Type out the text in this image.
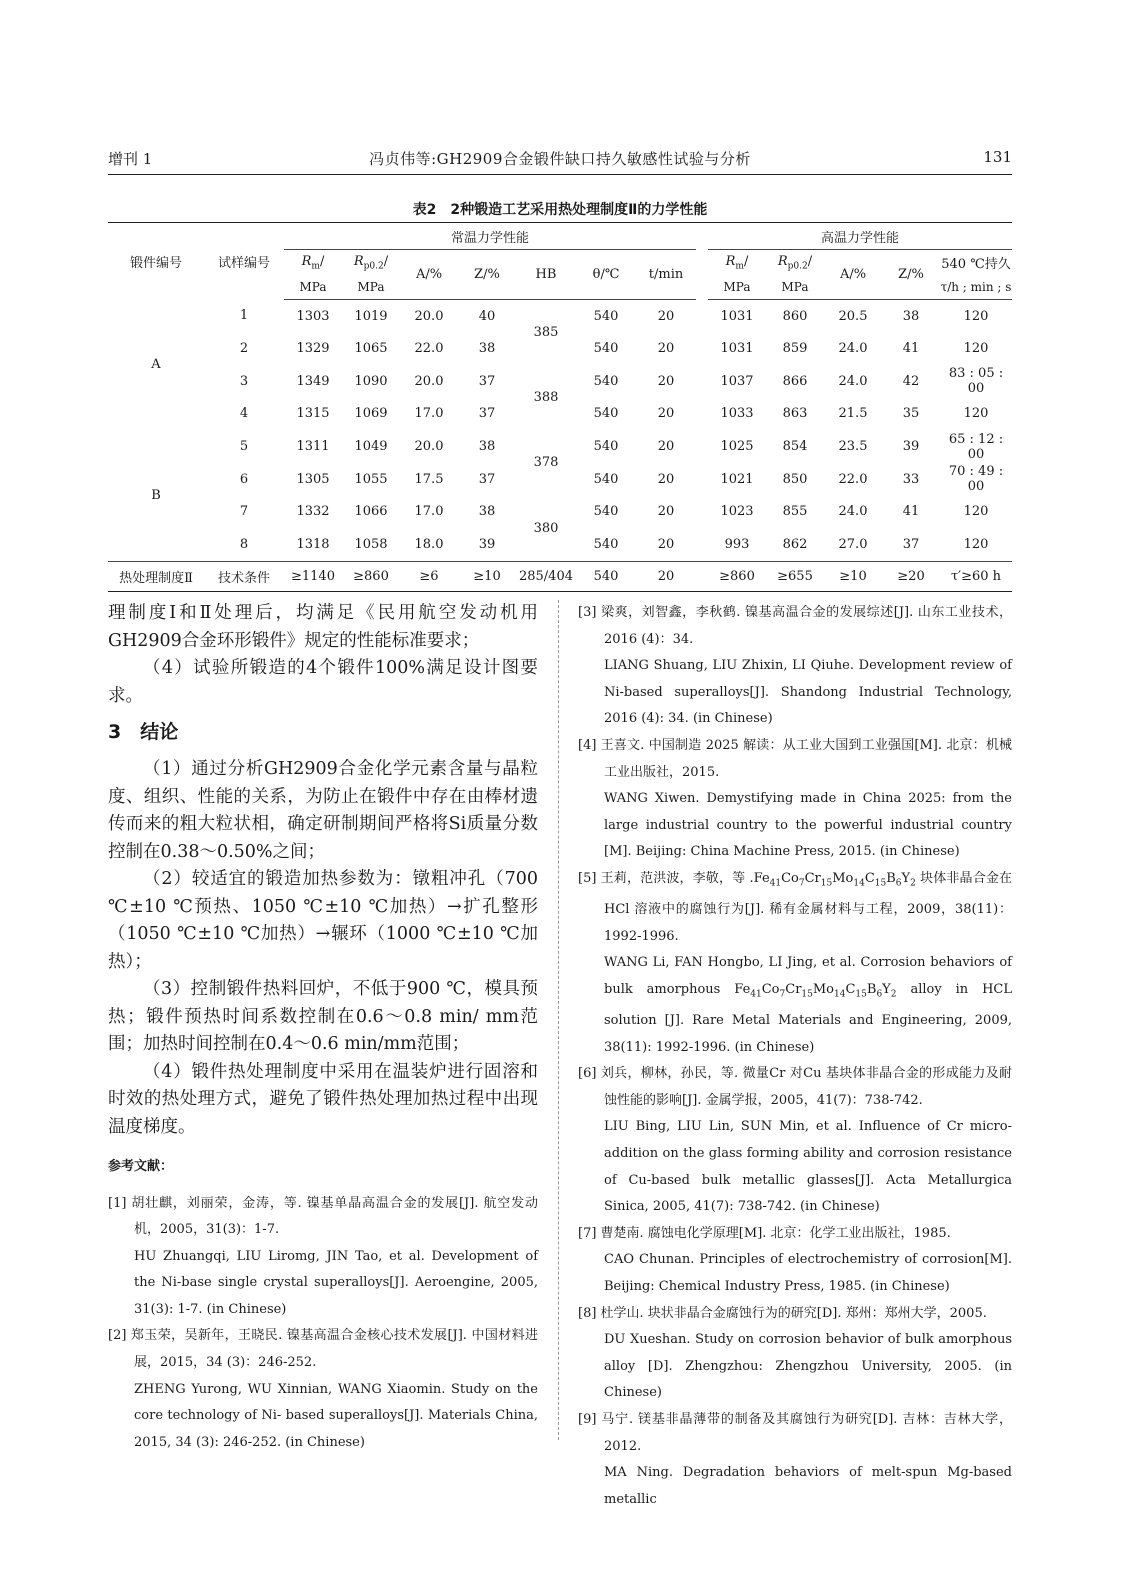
增刊 1	冯贞伟等:GH2909合金锻件缺口持久敏感性试验与分析	131
表2　2种锻造工艺采用热处理制度Ⅱ的力学性能
锻件编号	试样编号	常温力学性能								高温力学性能				
		$R_m/$	$R_{p0.2}/$	A/%	Z/%	HB	θ/℃	t/min		$R_m/$	$R_{p0.2}/$	A/%	Z/%	540 ℃持久
		MPa	MPa							MPa	MPa			τ/h ; min ; s
A	1	1303	1019	20.0	40	385	540	20		1031	860	20.5	38	120
	2	1329	1065	22.0	38		540	20		1031	859	24.0	41	120
	3	1349	1090	20.0	37	388	540	20		1037	866	24.0	42	83 : 05 : 00
	4	1315	1069	17.0	37		540	20		1033	863	21.5	35	120
B	5	1311	1049	20.0	38	378	540	20		1025	854	23.5	39	65 : 12 : 00
	6	1305	1055	17.5	37		540	20		1021	850	22.0	33	70 : 49 : 00
	7	1332	1066	17.0	38	380	540	20		1023	855	24.0	41	120
	8	1318	1058	18.0	39		540	20		993	862	27.0	37	120
热处理制度Ⅱ	技术条件	≥1140	≥860	≥6	≥10	285/404	540	20		≥860	≥655	≥10	≥20	τ′≥60 h

理制度Ⅰ和Ⅱ处理后，均满足《民用航空发动机用GH2909合金环形锻件》规定的性能标准要求；

（4）试验所锻造的4个锻件100%满足设计图要求。

3　结论

（1）通过分析GH2909合金化学元素含量与晶粒度、组织、性能的关系，为防止在锻件中存在由棒材遗传而来的粗大粒状相，确定研制期间严格将Si质量分数控制在0.38～0.50%之间；

（2）较适宜的锻造加热参数为：镦粗冲孔（700 ℃±10 ℃预热、1050 ℃±10 ℃加热）→扩孔整形（1050 ℃±10 ℃加热）→辗环（1000 ℃±10 ℃加热）；

（3）控制锻件热料回炉，不低于900 ℃，模具预热；锻件预热时间系数控制在0.6～0.8 min/ mm范围；加热时间控制在0.4～0.6 min/mm范围；

（4）锻件热处理制度中采用在温装炉进行固溶和时效的热处理方式，避免了锻件热处理加热过程中出现温度梯度。

参考文献：

[1] 胡壮麒，刘丽荣，金涛，等. 镍基单晶高温合金的发展[J]. 航空发动机，2005，31(3)：1-7.

HU Zhuangqi, LIU Liromg, JIN Tao, et al. Development of the Ni-base single crystal superalloys[J]. Aeroengine, 2005, 31(3): 1-7. (in Chinese)

[2] 郑玉荣，吴新年，王晓民. 镍基高温合金核心技术发展[J]. 中国材料进展，2015，34 (3)：246-252.

ZHENG Yurong, WU Xinnian, WANG Xiaomin. Study on the core technology of Ni- based superalloys[J]. Materials China, 2015, 34 (3): 246-252. (in Chinese)

[3] 梁爽，刘智鑫，李秋鹤. 镍基高温合金的发展综述[J]. 山东工业技术，2016 (4)：34.

LIANG Shuang, LIU Zhixin, LI Qiuhe. Development review of Ni-based superalloys[J]. Shandong Industrial Technology, 2016 (4): 34. (in Chinese)

[4] 王喜文. 中国制造 2025 解读：从工业大国到工业强国[M]. 北京：机械工业出版社，2015.

WANG Xiwen. Demystifying made in China 2025: from the large industrial country to the powerful industrial country [M]. Beijing: China Machine Press, 2015. (in Chinese)

[5] 王莉，范洪波，李敬，等 $.Fe_{41}Co_7Cr_{15}Mo_{14}C_{15}B_6Y_2$ 块体非晶合金在HCl 溶液中的腐蚀行为[J]. 稀有金属材料与工程，2009，38(11)：1992-1996.

WANG Li, FAN Hongbo, LI Jing, et al. Corrosion behaviors of bulk amorphous $Fe_{41}Co_7Cr_{15}Mo_{14}C_{15}B_6Y_2$ alloy in HCL solution [J]. Rare Metal Materials and Engineering, 2009, 38(11): 1992-1996. (in Chinese)

[6] 刘兵，柳林，孙民，等. 微量Cr 对Cu 基块体非晶合金的形成能力及耐蚀性能的影响[J]. 金属学报，2005，41(7)：738-742.

LIU Bing, LIU Lin, SUN Min, et al. Influence of Cr micro-addition on the glass forming ability and corrosion resistance of Cu-based bulk metallic glasses[J]. Acta Metallurgica Sinica, 2005, 41(7): 738-742. (in Chinese)

[7] 曹楚南. 腐蚀电化学原理[M]. 北京：化学工业出版社，1985.

CAO Chunan. Principles of electrochemistry of corrosion[M]. Beijing: Chemical Industry Press, 1985. (in Chinese)

[8] 杜学山. 块状非晶合金腐蚀行为的研究[D]. 郑州：郑州大学，2005.

DU Xueshan. Study on corrosion behavior of bulk amorphous alloy [D]. Zhengzhou: Zhengzhou University, 2005. (in Chinese)

[9] 马宁. 镁基非晶薄带的制备及其腐蚀行为研究[D]. 吉林：吉林大学，2012.

MA Ning. Degradation behaviors of melt-spun Mg-based metallic
